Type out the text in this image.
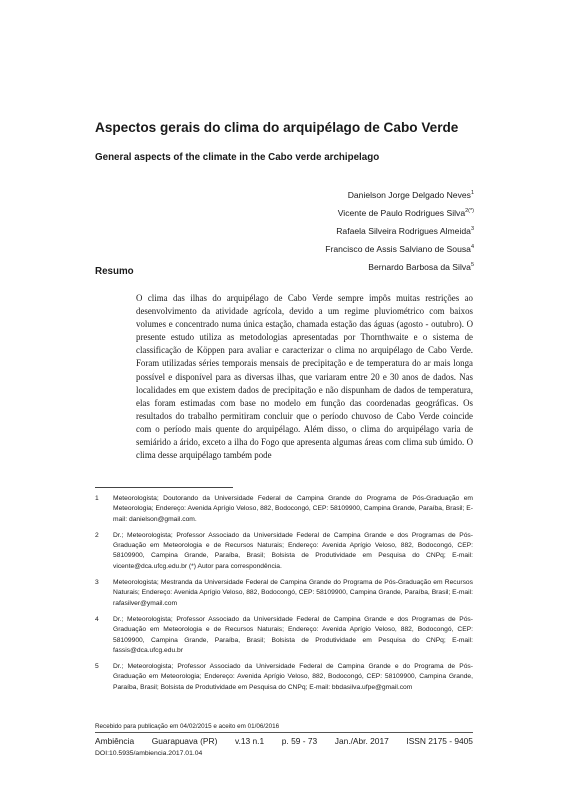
Aspectos gerais do clima do arquipélago de Cabo Verde
General aspects of the climate in the Cabo verde archipelago
Danielson Jorge Delgado Neves$^1$
Vicente de Paulo Rodrigues Silva$^{2(*)}$
Rafaela Silveira Rodrigues Almeida$^3$
Francisco de Assis Salviano de Sousa$^4$
Bernardo Barbosa da Silva$^5$
Resumo

O clima das ilhas do arquipélago de Cabo Verde sempre impôs muitas restrições ao desenvolvimento da atividade agrícola, devido a um regime pluviométrico com baixos volumes e concentrado numa única estação, chamada estação das águas (agosto - outubro). O presente estudo utiliza as metodologias apresentadas por Thornthwaite e o sistema de classificação de Köppen para avaliar e caracterizar o clima no arquipélago de Cabo Verde. Foram utilizadas séries temporais mensais de precipitação e de temperatura do ar mais longa possível e disponível para as diversas ilhas, que variaram entre 20 e 30 anos de dados. Nas localidades em que existem dados de precipitação e não dispunham de dados de temperatura, elas foram estimadas com base no modelo em função das coordenadas geográficas. Os resultados do trabalho permitiram concluir que o período chuvoso de Cabo Verde coincide com o período mais quente do arquipélago. Além disso, o clima do arquipélago varia de semiárido a árido, exceto a ilha do Fogo que apresenta algumas áreas com clima sub úmido. O clima desse arquipélago também pode

1	Meteorologista; Doutorando da Universidade Federal de Campina Grande do Programa de Pós-Graduação em Meteorologia; Endereço: Avenida Aprígio Veloso, 882, Bodocongó, CEP: 58109900, Campina Grande, Paraíba, Brasil; E-mail: danielson@gmail.com.
2	Dr.; Meteorologista; Professor Associado da Universidade Federal de Campina Grande e dos Programas de Pós-Graduação em Meteorologia e de Recursos Naturais; Endereço: Avenida Aprígio Veloso, 882, Bodocongó, CEP: 58109900, Campina Grande, Paraíba, Brasil; Bolsista de Produtividade em Pesquisa do CNPq; E-mail: vicente@dca.ufcg.edu.br (*) Autor para correspondência.
3	Meteorologista; Mestranda da Universidade Federal de Campina Grande do Programa de Pós-Graduação em Recursos Naturais; Endereço: Avenida Aprígio Veloso, 882, Bodocongó, CEP: 58109900, Campina Grande, Paraíba, Brasil; E-mail: rafasilver@ymail.com
4	Dr.; Meteorologista; Professor Associado da Universidade Federal de Campina Grande e dos Programas de Pós-Graduação em Meteorologia e de Recursos Naturais; Endereço: Avenida Aprígio Veloso, 882, Bodocongó, CEP: 58109900, Campina Grande, Paraíba, Brasil; Bolsista de Produtividade em Pesquisa do CNPq; E-mail: fassis@dca.ufcg.edu.br
5	Dr.; Meteorologista; Professor Associado da Universidade Federal de Campina Grande e do Programa de Pós-Graduação em Meteorologia; Endereço: Avenida Aprígio Veloso, 882, Bodocongó, CEP: 58109900, Campina Grande, Paraíba, Brasil; Bolsista de Produtividade em Pesquisa do CNPq; E-mail: bbdasilva.ufpe@gmail.com
Recebido para publicação em 04/02/2015 e aceito em 01/06/2016
Ambiência Guarapuava (PR) v.13 n.1 p. 59 - 73 Jan./Abr. 2017 ISSN 2175 - 9405
DOI:10.5935/ambiencia.2017.01.04
